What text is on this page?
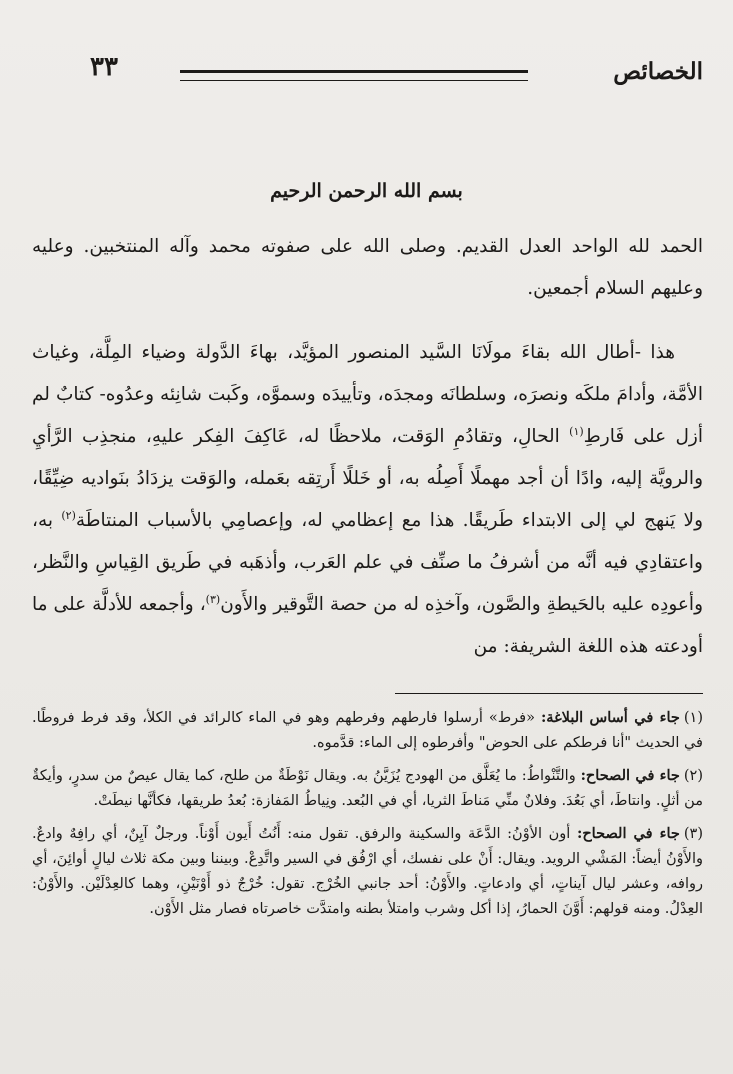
الخصائص
٣٣
بسم الله الرحمن الرحيم

الحمد لله الواحد العدل القديم. وصلى الله على صفوته محمد وآله المنتخبين. وعليه وعليهم السلام أجمعين.

هذا -أطال الله بقاءَ مولَانَا السَّيد المنصور المؤيَّد، بهاءَ الدَّولة وضياء المِلَّة، وغياث الأمَّة، وأدامَ ملكَه ونصرَه، وسلطانَه ومجدَه، وتأييدَه وسموَّه، وكَبت شانِئه وعدُوه- كتابٌ لم أزل على فَارطِ$^{(١)}$ الحالِ، وتقادُمِ الوَقت، ملاحظًا له، عَاكِفَ الفِكر عليهِ، منجذِب الرَّأيِ والرويَّة إليه، وادًا أن أجد مهملًا أَصِلُه به، أو خَللًا أَرتِقه بعَمله، والوَقت يزدَادُ بنَواديه ضِيِّقًا، ولا يَنهج لي إلى الابتداء طَريقًا. هذا مع إعظامي له، وإعصامِي بالأسباب المنتاطَة$^{(٢)}$ به، واعتقادِي فيه أنَّه من أشرفُ ما صنِّف في علم العَرب، وأذهَبه في طَريق القِياسِ والنَّظر، وأعودِه عليه بالحَيطةِ والصَّون، وآخذِه له من حصة التَّوقير والأَون$^{(٣)}$، وأجمعه للأدلَّة على ما أودعته هذه اللغة الشريفة: من

(١)جاء في أساس البلاغة: «فرط» أرسلوا فارطهم وفرطهم وهو في الماء كالرائد في الكلأ، وقد فرط فروطًا. في الحديث "أنا فرطكم على الحوض" وأفرطوه إلى الماء: قدَّموه.

(٢)جاء في الصحاح: والتَّنْواطُ: ما يُعَلَّق من الهودج يُزَيَّنُ به. ويقال نَوْطَةٌ من طلح، كما يقال عيصٌ من سدرٍ، وأيكةٌ من أثلٍ. وانتاطَ، أي بَعُدَ. وفلانٌ منِّي مَناطَ الثريا، أي في البُعد. ونِياطُ المَفازة: بُعدُ طريقها، فكأنَّها نيطَتْ.

(٣)جاء في الصحاح: أون الأوْنُ: الدَّعَة والسكينة والرفق. تقول منه: أَنُتُ أَيون أَوْناً. ورجلٌ آيِنٌ، أي رافِهٌ وادعٌ. والأَوْنُ أيضاً: المَشْي الرويد. ويقال: أَنْ على نفسك، أي ارْفُق في السير واتَّدِعْ. وبيننا وبين مكة ثلاث ليالٍ أوائِنَ، أي روافه، وعشر ليال آيناتٍ، أي وادعاتٍ. والأَوْنُ: أحد جانبي الخُرْج. تقول: خُرْجٌ ذو أَوْنَيْنِ، وهما كالعِدْلَيْن. والأَوْنُ: العِدْلُ. ومنه قولهم: أَوَّنَ الحمارُ، إذا أكل وشرب وامتلأ بطنه وامتدَّت خاصرتاه فصار مثل الأَوْن.
